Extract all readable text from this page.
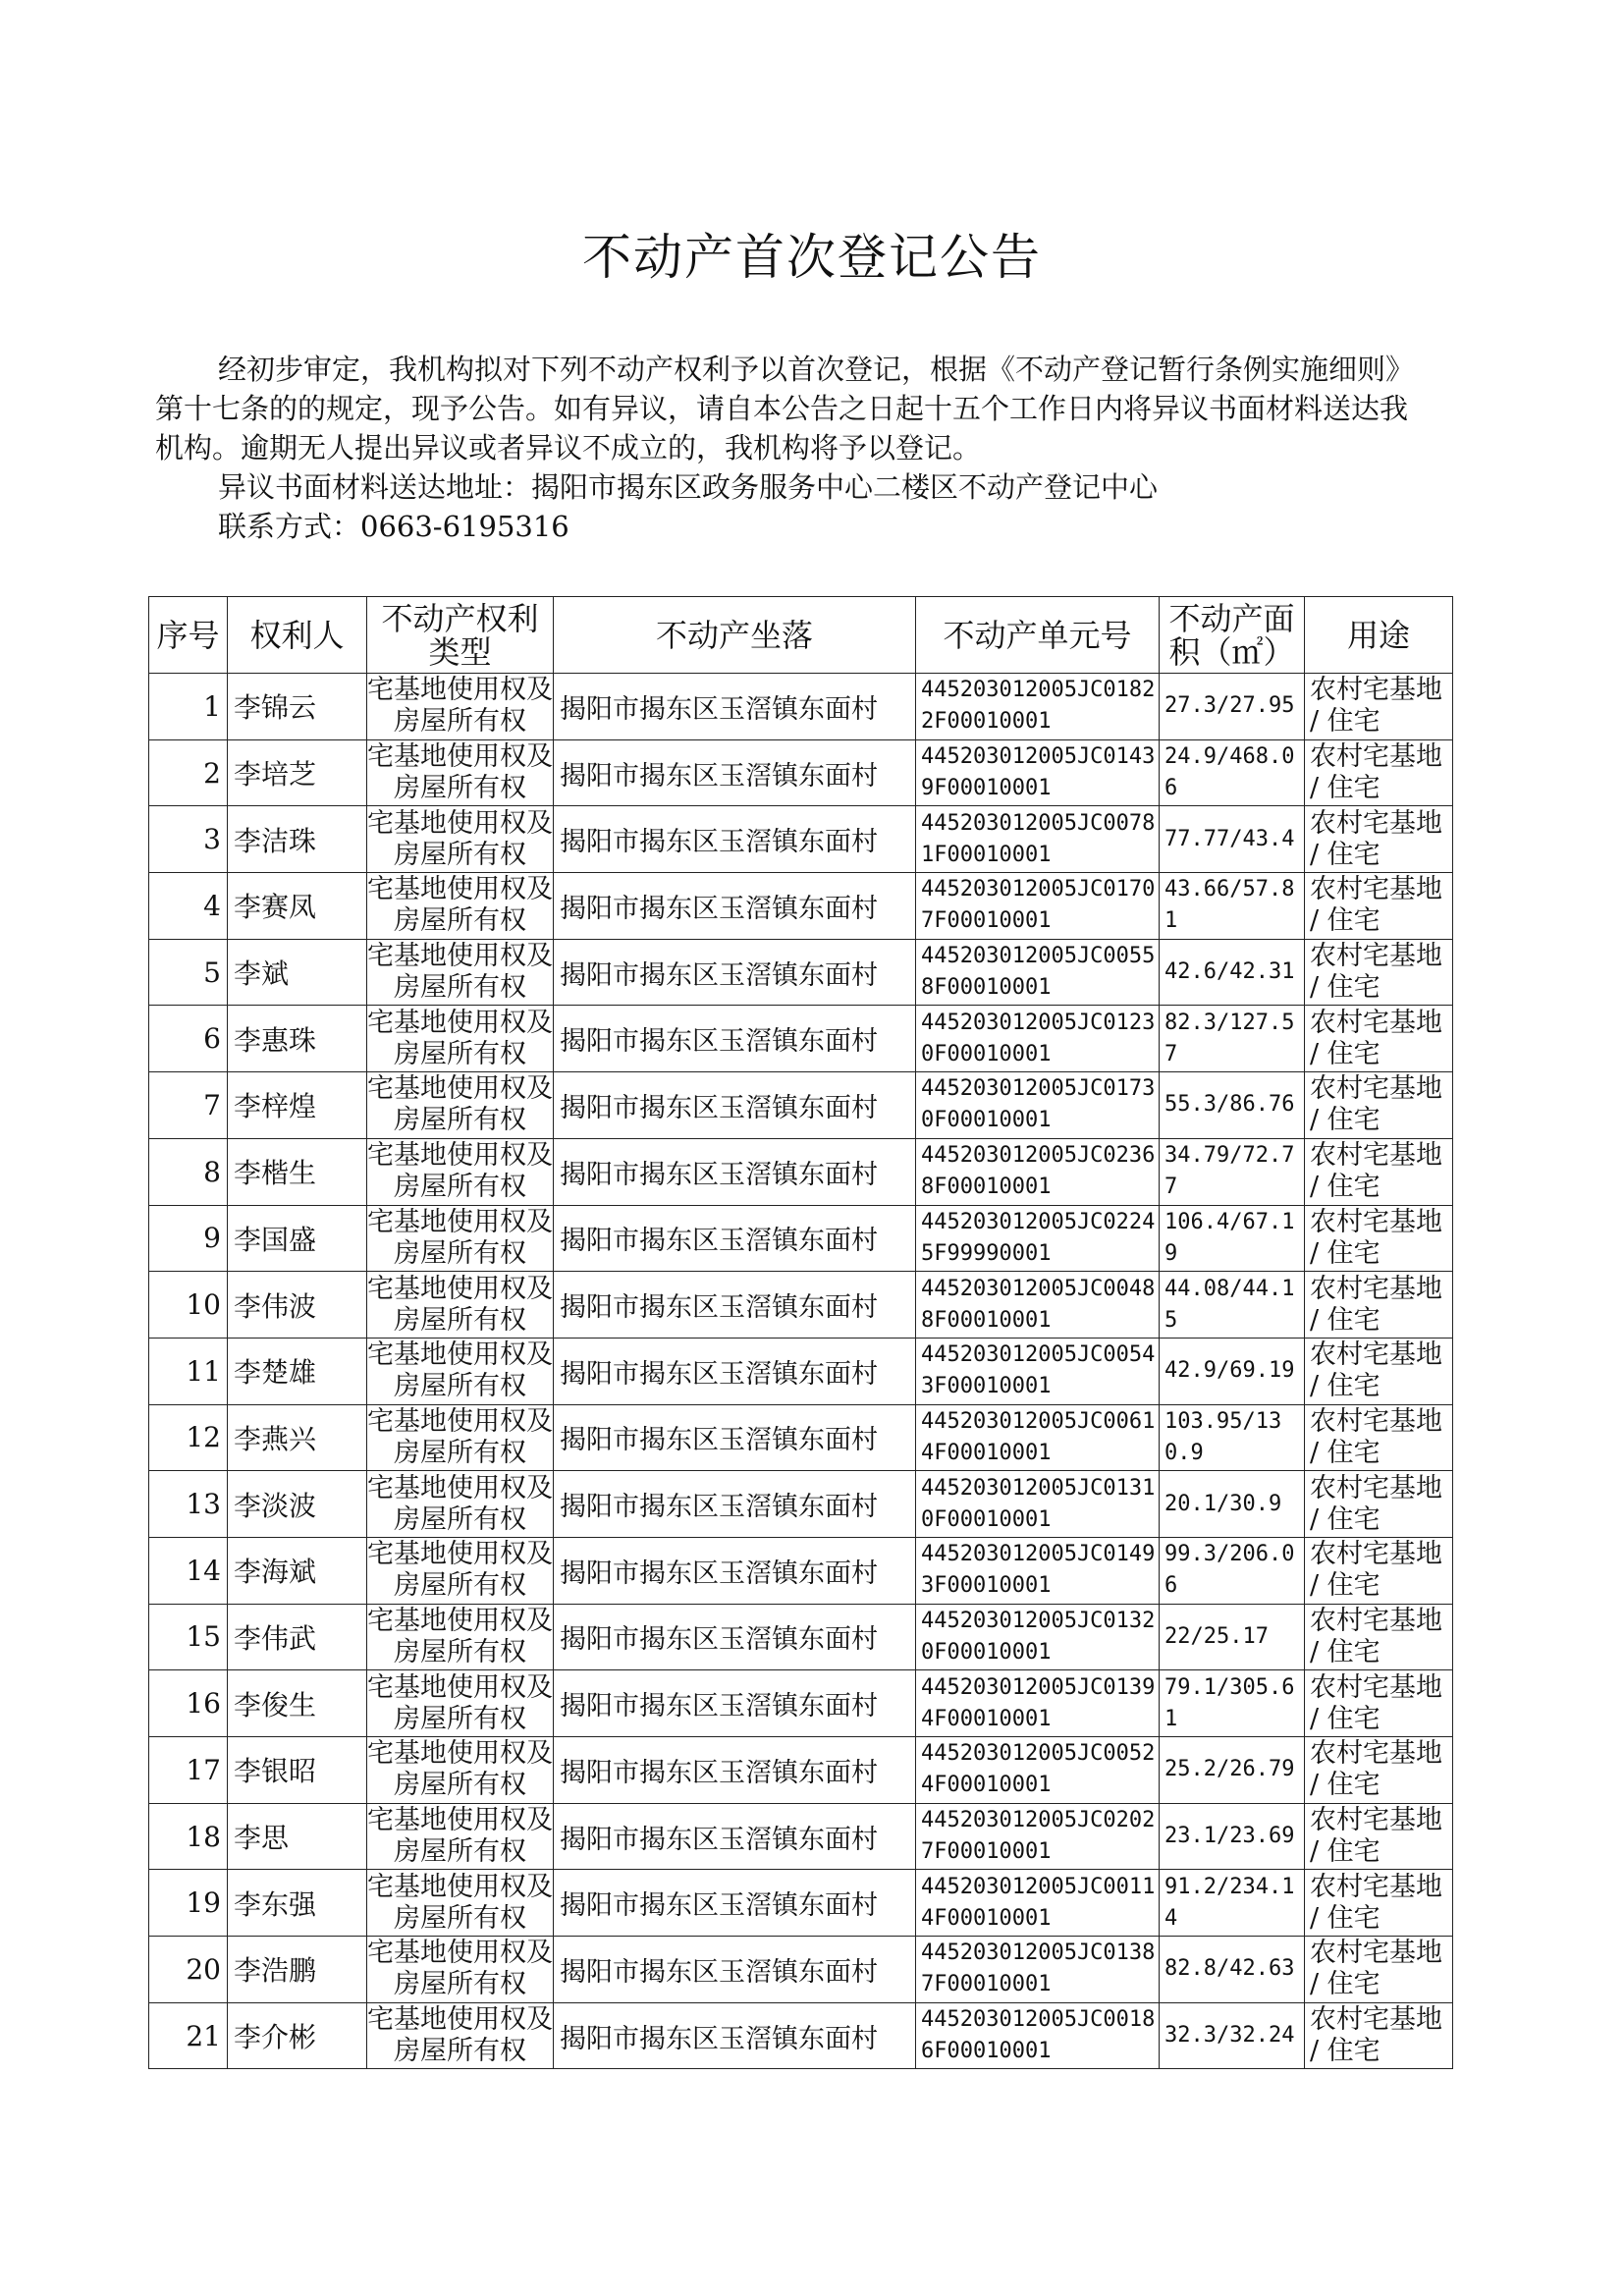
不动产首次登记公告

经初步审定，我机构拟对下列不动产权利予以首次登记，根据《不动产登记暂行条例实施细则》第十七条的的规定，现予公告。如有异议，请自本公告之日起十五个工作日内将异议书面材料送达我机构。逾期无人提出异议或者异议不成立的，我机构将予以登记。

异议书面材料送达地址：揭阳市揭东区政务服务中心二楼区不动产登记中心

联系方式：0663-6195316

序号	权利人	不动产权利类型	不动产坐落	不动产单元号	不动产面积（㎡）	用途
1	李锦云	宅基地使用权及房屋所有权	揭阳市揭东区玉滘镇东面村	445203012005JC01822F00010001	27.3/27.95	农村宅基地 / 住宅
2	李培芝	宅基地使用权及房屋所有权	揭阳市揭东区玉滘镇东面村	445203012005JC01439F00010001	24.9/468.06	农村宅基地 / 住宅
3	李洁珠	宅基地使用权及房屋所有权	揭阳市揭东区玉滘镇东面村	445203012005JC00781F00010001	77.77/43.4	农村宅基地 / 住宅
4	李赛凤	宅基地使用权及房屋所有权	揭阳市揭东区玉滘镇东面村	445203012005JC01707F00010001	43.66/57.81	农村宅基地 / 住宅
5	李斌	宅基地使用权及房屋所有权	揭阳市揭东区玉滘镇东面村	445203012005JC00558F00010001	42.6/42.31	农村宅基地 / 住宅
6	李惠珠	宅基地使用权及房屋所有权	揭阳市揭东区玉滘镇东面村	445203012005JC01230F00010001	82.3/127.57	农村宅基地 / 住宅
7	李梓煌	宅基地使用权及房屋所有权	揭阳市揭东区玉滘镇东面村	445203012005JC01730F00010001	55.3/86.76	农村宅基地 / 住宅
8	李楷生	宅基地使用权及房屋所有权	揭阳市揭东区玉滘镇东面村	445203012005JC02368F00010001	34.79/72.77	农村宅基地 / 住宅
9	李国盛	宅基地使用权及房屋所有权	揭阳市揭东区玉滘镇东面村	445203012005JC02245F99990001	106.4/67.19	农村宅基地 / 住宅
10	李伟波	宅基地使用权及房屋所有权	揭阳市揭东区玉滘镇东面村	445203012005JC00488F00010001	44.08/44.15	农村宅基地 / 住宅
11	李楚雄	宅基地使用权及房屋所有权	揭阳市揭东区玉滘镇东面村	445203012005JC00543F00010001	42.9/69.19	农村宅基地 / 住宅
12	李燕兴	宅基地使用权及房屋所有权	揭阳市揭东区玉滘镇东面村	445203012005JC00614F00010001	103.95/130.9	农村宅基地 / 住宅
13	李淡波	宅基地使用权及房屋所有权	揭阳市揭东区玉滘镇东面村	445203012005JC01310F00010001	20.1/30.9	农村宅基地 / 住宅
14	李海斌	宅基地使用权及房屋所有权	揭阳市揭东区玉滘镇东面村	445203012005JC01493F00010001	99.3/206.06	农村宅基地 / 住宅
15	李伟武	宅基地使用权及房屋所有权	揭阳市揭东区玉滘镇东面村	445203012005JC01320F00010001	22/25.17	农村宅基地 / 住宅
16	李俊生	宅基地使用权及房屋所有权	揭阳市揭东区玉滘镇东面村	445203012005JC01394F00010001	79.1/305.61	农村宅基地 / 住宅
17	李银昭	宅基地使用权及房屋所有权	揭阳市揭东区玉滘镇东面村	445203012005JC00524F00010001	25.2/26.79	农村宅基地 / 住宅
18	李思	宅基地使用权及房屋所有权	揭阳市揭东区玉滘镇东面村	445203012005JC02027F00010001	23.1/23.69	农村宅基地 / 住宅
19	李东强	宅基地使用权及房屋所有权	揭阳市揭东区玉滘镇东面村	445203012005JC00114F00010001	91.2/234.14	农村宅基地 / 住宅
20	李浩鹏	宅基地使用权及房屋所有权	揭阳市揭东区玉滘镇东面村	445203012005JC01387F00010001	82.8/42.63	农村宅基地 / 住宅
21	李介彬	宅基地使用权及房屋所有权	揭阳市揭东区玉滘镇东面村	445203012005JC00186F00010001	32.3/32.24	农村宅基地 / 住宅
